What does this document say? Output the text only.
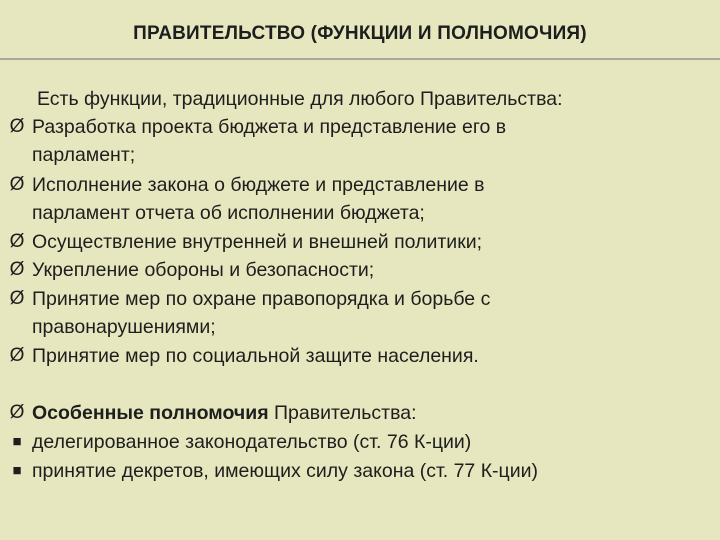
ПРАВИТЕЛЬСТВО (ФУНКЦИИ И ПОЛНОМОЧИЯ)
Есть функции, традиционные для любого Правительства:
Ø Разработка проекта бюджета и представление его в
парламент;
Ø Исполнение закона о бюджете и представление в
парламент отчета об исполнении бюджета;
Ø Осуществление внутренней и внешней политики;
Ø Укрепление обороны и безопасности;
Ø Принятие мер по охране правопорядка и борьбе с
правонарушениями;
Ø Принятие мер по социальной защите населения.
Ø Особенные полномочия Правительства:
■ делегированное законодательство (ст. 76 К-ции)
■ принятие декретов, имеющих силу закона (ст. 77 К-ции)
